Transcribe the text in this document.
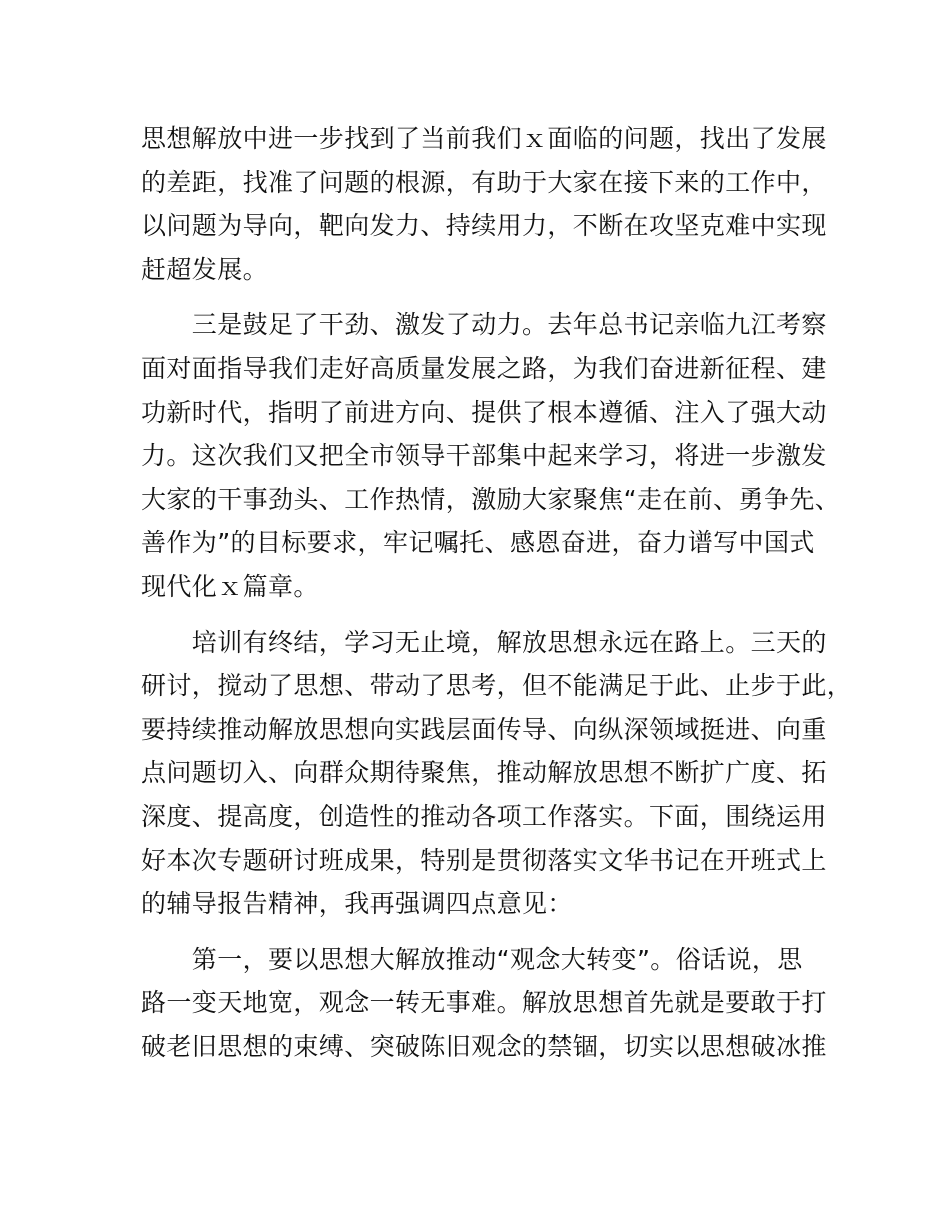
思想解放中进一步找到了当前我们ｘ面临的问题，找出了发展
的差距，找准了问题的根源，有助于大家在接下来的工作中，
以问题为导向，靶向发力、持续用力，不断在攻坚克难中实现
赶超发展。
　　三是鼓足了干劲、激发了动力。去年总书记亲临九江考察
面对面指导我们走好高质量发展之路，为我们奋进新征程、建
功新时代，指明了前进方向、提供了根本遵循、注入了强大动
力。这次我们又把全市领导干部集中起来学习，将进一步激发
大家的干事劲头、工作热情，激励大家聚焦“走在前、勇争先、
善作为”的目标要求，牢记嘱托、感恩奋进，奋力谱写中国式
现代化ｘ篇章。
　　培训有终结，学习无止境，解放思想永远在路上。三天的
研讨，搅动了思想、带动了思考，但不能满足于此、止步于此，
要持续推动解放思想向实践层面传导、向纵深领域挺进、向重
点问题切入、向群众期待聚焦，推动解放思想不断扩广度、拓
深度、提高度，创造性的推动各项工作落实。下面，围绕运用
好本次专题研讨班成果，特别是贯彻落实文华书记在开班式上
的辅导报告精神，我再强调四点意见：
　　第一，要以思想大解放推动“观念大转变”。俗话说，思
路一变天地宽，观念一转无事难。解放思想首先就是要敢于打
破老旧思想的束缚、突破陈旧观念的禁锢，切实以思想破冰推
